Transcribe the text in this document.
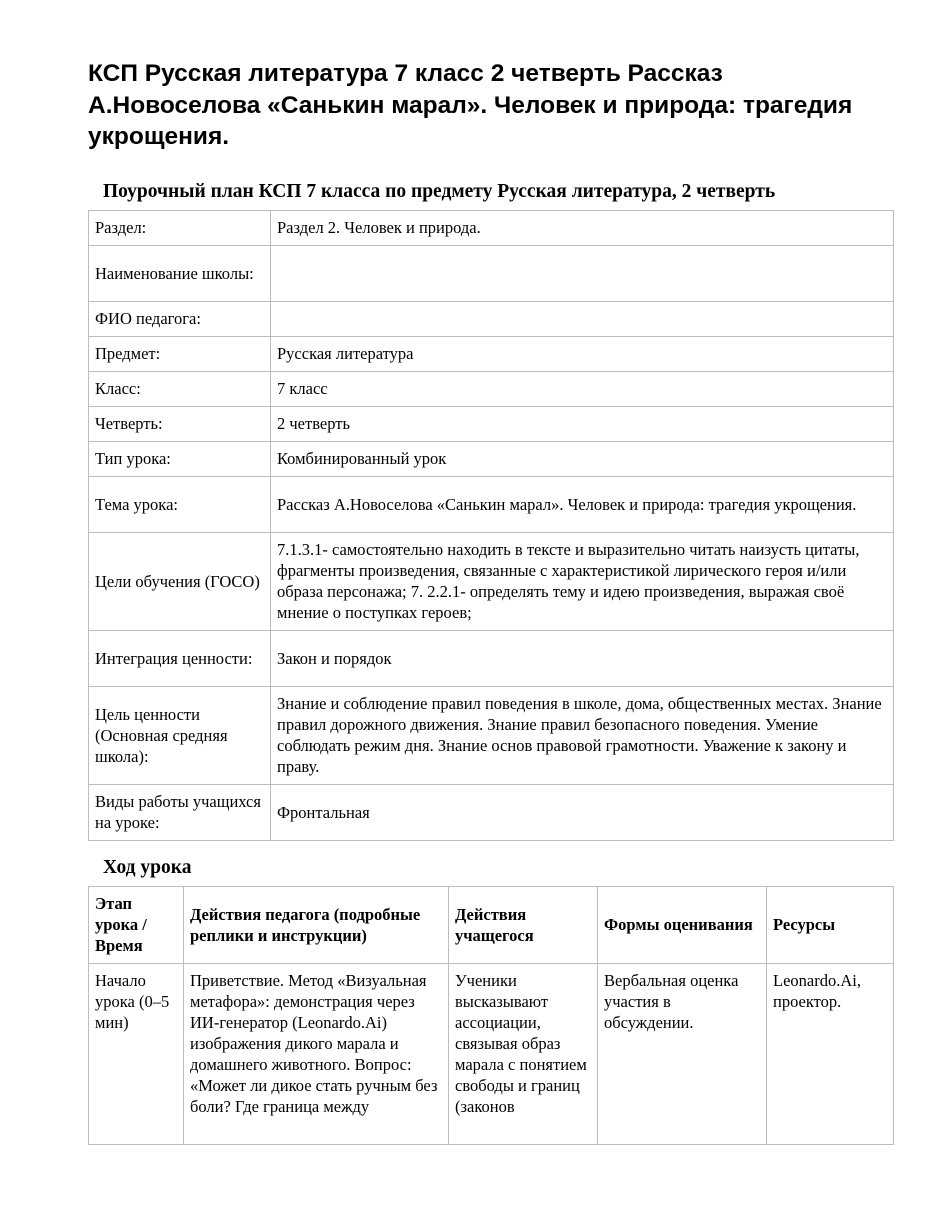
КСП Русская литература 7 класс 2 четверть Рассказ А.Новоселова «Санькин марал». Человек и природа: трагедия укрощения.
Поурочный план КСП 7 класса по предмету Русская литература, 2 четверть
Раздел:	Раздел 2. Человек и природа.
Наименование школы:	
ФИО педагога:	
Предмет:	Русская литература
Класс:	7 класс
Четверть:	2 четверть
Тип урока:	Комбинированный урок
Тема урока:	Рассказ А.Новоселова «Санькин марал». Человек и природа: трагедия укрощения.
Цели обучения (ГОСО)	7.1.3.1- самостоятельно находить в тексте и выразительно читать наизусть цитаты, фрагменты произведения, связанные с характеристикой лирического героя и/или образа персонажа; 7. 2.2.1- определять тему и идею произведения, выражая своё мнение о поступках героев;
Интеграция ценности:	Закон и порядок
Цель ценности (Основная средняя школа):	Знание и соблюдение правил поведения в школе, дома, общественных местах. Знание правил дорожного движения. Знание правил безопасного поведения. Умение соблюдать режим дня. Знание основ правовой грамотности. Уважение к закону и праву.
Виды работы учащихся на уроке:	Фронтальная
Ход урока
Этап урока / Время	Действия педагога (подробные реплики и инструкции)	Действия учащегося	Формы оценивания	Ресурсы

Начало урока (0–5 мин)	Приветствие. Метод «Визуальная метафора»: демонстрация через ИИ-генератор (Leonardo.Ai) изображения дикого марала и домашнего животного. Вопрос: «Может ли дикое стать ручным без боли? Где граница между	Ученики высказывают ассоциации, связывая образ марала с понятием свободы и границ (законов	Вербальная оценка участия в обсуждении.	Leonardo.Ai, проектор.
